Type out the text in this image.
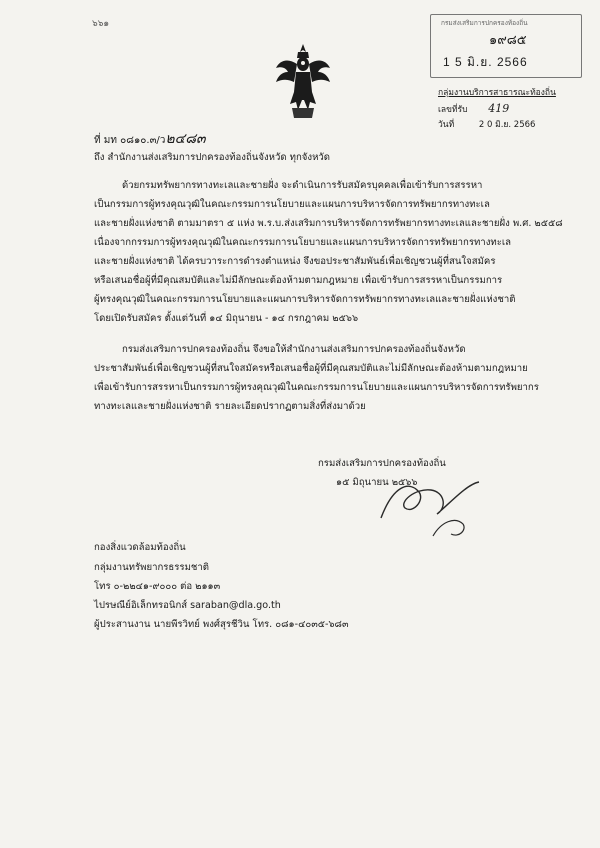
๖๖๑	กรมส่งเสริมการปกครองท้องถิ่น
๑๙๘๕
1 5 มิ.ย. 2566
กลุ่มงานบริการสาธารณะท้องถิ่น
เลขที่รับ 419
วันที่	2 0 มิ.ย. 2566
ที่ มท ๐๘๑๐.๓/ว๒๔๘๓
ถึง สำนักงานส่งเสริมการปกครองท้องถิ่นจังหวัด ทุกจังหวัด
ด้วยกรมทรัพยากรทางทะเลและชายฝั่ง จะดำเนินการรับสมัครบุคคลเพื่อเข้ารับการสรรหา
เป็นกรรมการผู้ทรงคุณวุฒิในคณะกรรมการนโยบายและแผนการบริหารจัดการทรัพยากรทางทะเล
และชายฝั่งแห่งชาติ ตามมาตรา ๕ แห่ง พ.ร.บ.ส่งเสริมการบริหารจัดการทรัพยากรทางทะเลและชายฝั่ง พ.ศ. ๒๕๕๘
เนื่องจากกรรมการผู้ทรงคุณวุฒิในคณะกรรมการนโยบายและแผนการบริหารจัดการทรัพยากรทางทะเล
และชายฝั่งแห่งชาติ ได้ครบวาระการดำรงตำแหน่ง จึงขอประชาสัมพันธ์เพื่อเชิญชวนผู้ที่สนใจสมัคร
หรือเสนอชื่อผู้ที่มีคุณสมบัติและไม่มีลักษณะต้องห้ามตามกฎหมาย เพื่อเข้ารับการสรรหาเป็นกรรมการ
ผู้ทรงคุณวุฒิในคณะกรรมการนโยบายและแผนการบริหารจัดการทรัพยากรทางทะเลและชายฝั่งแห่งชาติ
โดยเปิดรับสมัคร ตั้งแต่วันที่ ๑๔ มิถุนายน - ๑๔ กรกฎาคม ๒๕๖๖
กรมส่งเสริมการปกครองท้องถิ่น จึงขอให้สำนักงานส่งเสริมการปกครองท้องถิ่นจังหวัด
ประชาสัมพันธ์เพื่อเชิญชวนผู้ที่สนใจสมัครหรือเสนอชื่อผู้ที่มีคุณสมบัติและไม่มีลักษณะต้องห้ามตามกฎหมาย
เพื่อเข้ารับการสรรหาเป็นกรรมการผู้ทรงคุณวุฒิในคณะกรรมการนโยบายและแผนการบริหารจัดการทรัพยากร
ทางทะเลและชายฝั่งแห่งชาติ รายละเอียดปรากฏตามสิ่งที่ส่งมาด้วย
กรมส่งเสริมการปกครองท้องถิ่น
๑๕ มิถุนายน ๒๕๖๖
กองสิ่งแวดล้อมท้องถิ่น
กลุ่มงานทรัพยากรธรรมชาติ
โทร ๐-๒๒๔๑-๙๐๐๐ ต่อ ๒๑๑๓
ไปรษณีย์อิเล็กทรอนิกส์ saraban@dla.go.th
ผู้ประสานงาน นายพีรวิทย์ พงศ์สุรชีวิน โทร. ๐๘๑-๔๐๓๕-๖๘๓
